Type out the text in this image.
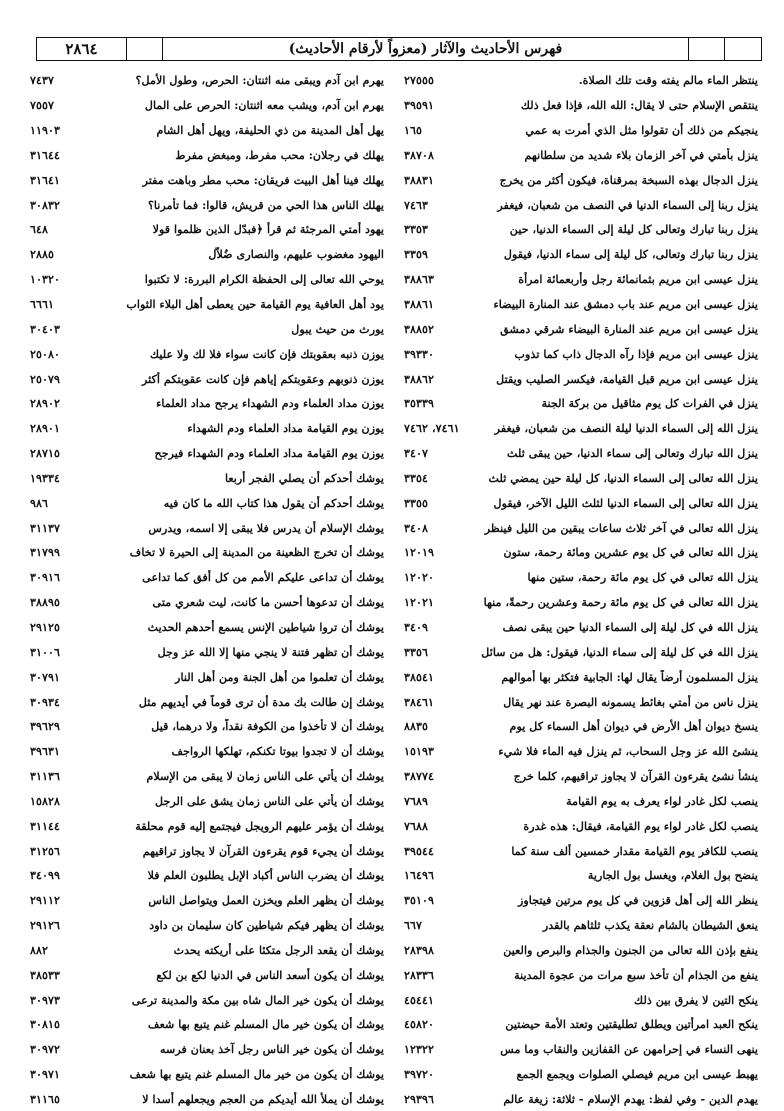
٢٨٦٤	فهرس الأحاديث والآثار (معزواً لأرقام الأحاديث)
٢٧٥٥٥	ينتظر الماء مالم يفته وقت تلك الصلاة.
٣٩٥٩١	ينتقص الإسلام حتى لا يقال: الله الله، فإذا فعل ذلك
١٦٥	ينجيكم من ذلك أن تقولوا مثل الذي أمرت به عمي
٣٨٧٠٨	ينزل بأمتي في آخر الزمان بلاء شديد من سلطانهم
٣٨٨٣١	ينزل الدجال بهذه السبخة بمرقناة، فيكون أكثر من يخرج
٧٤٦٣	ينزل ربنا إلى السماء الدنيا في النصف من شعبان، فيغفر
٣٣٥٣	ينزل ربنا تبارك وتعالى كل ليلة إلى السماء الدنيا، حين
٣٣٥٩	ينزل ربنا تبارك وتعالى، كل ليلة إلى سماء الدنيا، فيقول
٣٨٨٦٣	ينزل عيسى ابن مريم بثمانمائة رجل وأربعمائة امرأة
٣٨٨٦١	ينزل عيسى ابن مريم عند باب دمشق عند المنارة البيضاء
٣٨٨٥٢	ينزل عيسى ابن مريم عند المنارة البيضاء شرقي دمشق
٣٩٣٣٠	ينزل عيسى ابن مريم فإذا رآه الدجال ذاب كما تذوب
٣٨٨٦٢	ينزل عيسى ابن مريم قبل القيامة، فيكسر الصليب ويقتل
٣٥٣٣٩	ينزل في الفرات كل يوم مثاقيل من بركة الجنة
٧٤٦١، ٧٤٦٢	ينزل الله إلى السماء الدنيا ليلة النصف من شعبان، فيغفر
٣٤٠٧	ينزل الله تبارك وتعالى إلى سماء الدنيا، حين يبقى ثلث
٣٣٥٤	ينزل الله تعالى إلى السماء الدنيا، كل ليلة حين يمضي ثلث
٣٣٥٥	ينزل الله تعالى إلى السماء الدنيا لثلث الليل الآخر، فيقول
٣٤٠٨	ينزل الله تعالى في آخر ثلاث ساعات يبقين من الليل فينظر
١٢٠١٩	ينزل الله تعالى في كل يوم عشرين ومائة رحمة، ستون
١٢٠٢٠	ينزل الله تعالى في كل يوم مائة رحمة، ستين منها
١٢٠٢١	ينزل الله تعالى في كل يوم مائة رحمة وعشرين رحمةً، منها
٣٤٠٩	ينزل الله في كل ليلة إلى السماء الدنيا حين يبقى نصف
٣٣٥٦	ينزل الله في كل ليلة إلى سماء الدنيا، فيقول: هل من سائل
٣٨٥٤١	ينزل المسلمون أرضاً يقال لها: الجابية فتكثر بها أموالهم
٣٨٤٦١	ينزل ناس من أمتي بغائط يسمونه البصرة عند نهر يقال
٨٨٣٥	ينسخ ديوان أهل الأرض في ديوان أهل السماء كل يوم
١٥١٩٣	ينشئ الله عز وجل السحاب، ثم ينزل فيه الماء فلا شيء
٣٨٧٧٤	ينشأ نشئ يقرءون القرآن لا يجاوز تراقيهم، كلما خرج
٧٦٨٩	ينصب لكل غادر لواء يعرف به يوم القيامة
٧٦٨٨	ينصب لكل غادر لواء يوم القيامة، فيقال: هذه غدرة
٣٩٥٤٤	ينصب للكافر يوم القيامة مقدار خمسين ألف سنة كما
١٦٤٩٦	ينضح بول الغلام، ويغسل بول الجارية
٣٥١٠٩	ينظر الله إلى أهل قزوين في كل يوم مرتين فيتجاوز
٦٦٧	ينعق الشيطان بالشام نعقة يكذب ثلثاهم بالقدر
٢٨٣٩٨	ينفع بإذن الله تعالى من الجنون والجذام والبرص والعين
٢٨٣٣٦	ينفع من الجذام أن تأخذ سبع مرات من عجوة المدينة
٤٥٤٤١	ينكح التين لا يفرق بين ذلك
٤٥٨٢٠	ينكح العبد امرأتين ويطلق تطليقتين وتعتد الأمة حيضتين
١٢٣٢٢	ينهى النساء في إحرامهن عن القفازين والنقاب وما مس
٣٩٧٢٠	يهبط عيسى ابن مريم فيصلي الصلوات ويجمع الجمع
٢٩٣٩٦	يهدم الدين - وفي لفظ: يهدم الإسلام - ثلاثة: زيغة عالم
٧٤٣٧	يهرم ابن آدم ويبقى منه اثنتان: الحرص، وطول الأمل؟
٧٥٥٧	يهرم ابن آدم، ويشب معه اثنتان: الحرص على المال
١١٩٠٣	يهل أهل المدينة من ذي الحليفة، ويهل أهل الشام
٣١٦٤٤	يهلك في رجلان: محب مفرط، ومبغض مفرط
٣١٦٤١	يهلك فينا أهل البيت فريقان: محب مطر وباهت مفتر
٣٠٨٣٢	يهلك الناس هذا الحي من قريش، قالوا: فما تأمرنا؟
٦٤٨	يهود أمتي المرجئة ثم قرأ ﴿فبدّل الذين ظلموا قولا
٢٨٨٥	اليهود مغضوب عليهم، والنصارى ضُلاّل
١٠٣٢٠	يوحي الله تعالى إلى الحفظة الكرام البررة: لا تكتبوا
٦٦٦١	يود أهل العافية يوم القيامة حين يعطى أهل البلاء الثواب
٣٠٤٠٣	يورث من حيث يبول
٢٥٠٨٠	يوزن ذنبه بعقوبتك فإن كانت سواء فلا لك ولا عليك
٢٥٠٧٩	يوزن ذنوبهم وعقوبتكم إياهم فإن كانت عقوبتكم أكثر
٢٨٩٠٢	يوزن مداد العلماء ودم الشهداء يرجح مداد العلماء
٢٨٩٠١	يوزن يوم القيامة مداد العلماء ودم الشهداء
٢٨٧١٥	يوزن يوم القيامة مداد العلماء ودم الشهداء فيرجح
١٩٣٣٤	يوشك أحدكم أن يصلي الفجر أربعا
٩٨٦	يوشك أحدكم أن يقول هذا كتاب الله ما كان فيه
٣١١٣٧	يوشك الإسلام أن يدرس فلا يبقى إلا اسمه، ويدرس
٣١٧٩٩	يوشك أن تخرج الظعينة من المدينة إلى الحيرة لا تخاف
٣٠٩١٦	يوشك أن تداعى عليكم الأمم من كل أفق كما تداعى
٣٨٨٩٥	يوشك أن تدعوها أحسن ما كانت، ليت شعري متى
٢٩١٢٥	يوشك أن تروا شياطين الإنس يسمع أحدهم الحديث
٣١٠٠٦	يوشك أن تظهر فتنة لا ينجي منها إلا الله عز وجل
٣٠٧٩١	يوشك أن تعلموا من أهل الجنة ومن أهل النار
٣٠٩٣٤	يوشك إن طالت بك مدة أن ترى قوماً في أيديهم مثل
٣٩٦٢٩	يوشك أن لا تأخذوا من الكوفة نقداً، ولا درهما، قيل
٣٩٦٣١	يوشك أن لا تجدوا بيوتا تكنكم، تهلكها الرواجف
٣١١٣٦	يوشك أن يأتي على الناس زمان لا يبقى من الإسلام
١٥٨٢٨	يوشك أن يأتي على الناس زمان يشق على الرجل
٣١١٤٤	يوشك أن يؤمر عليهم الرويجل فيجتمع إليه قوم محلقة
٣١٢٥٦	يوشك أن يجيء قوم يقرءون القرآن لا يجاوز تراقيهم
٣٤٠٩٩	يوشك أن يضرب الناس أكباد الإبل يطلبون العلم فلا
٢٩١١٢	يوشك أن يظهر العلم ويخزن العمل ويتواصل الناس
٢٩١٢٦	يوشك أن يظهر فيكم شياطين كان سليمان بن داود
٨٨٢	يوشك أن يقعد الرجل متكئا على أريكته يحدث
٣٨٥٣٣	يوشك أن يكون أسعد الناس في الدنيا لكع بن لكع
٣٠٩٧٣	يوشك أن يكون خير المال شاه بين مكة والمدينة ترعى
٣٠٨١٥	يوشك أن يكون خير مال المسلم غنم يتبع بها شعف
٣٠٩٧٢	يوشك أن يكون خير الناس رجل آخذ بعنان فرسه
٣٠٩٧١	يوشك أن يكون من خير مال المسلم غنم يتبع بها شعف
٣١١٦٥	يوشك أن يملأ الله أيديكم من العجم ويجعلهم أسدا لا
